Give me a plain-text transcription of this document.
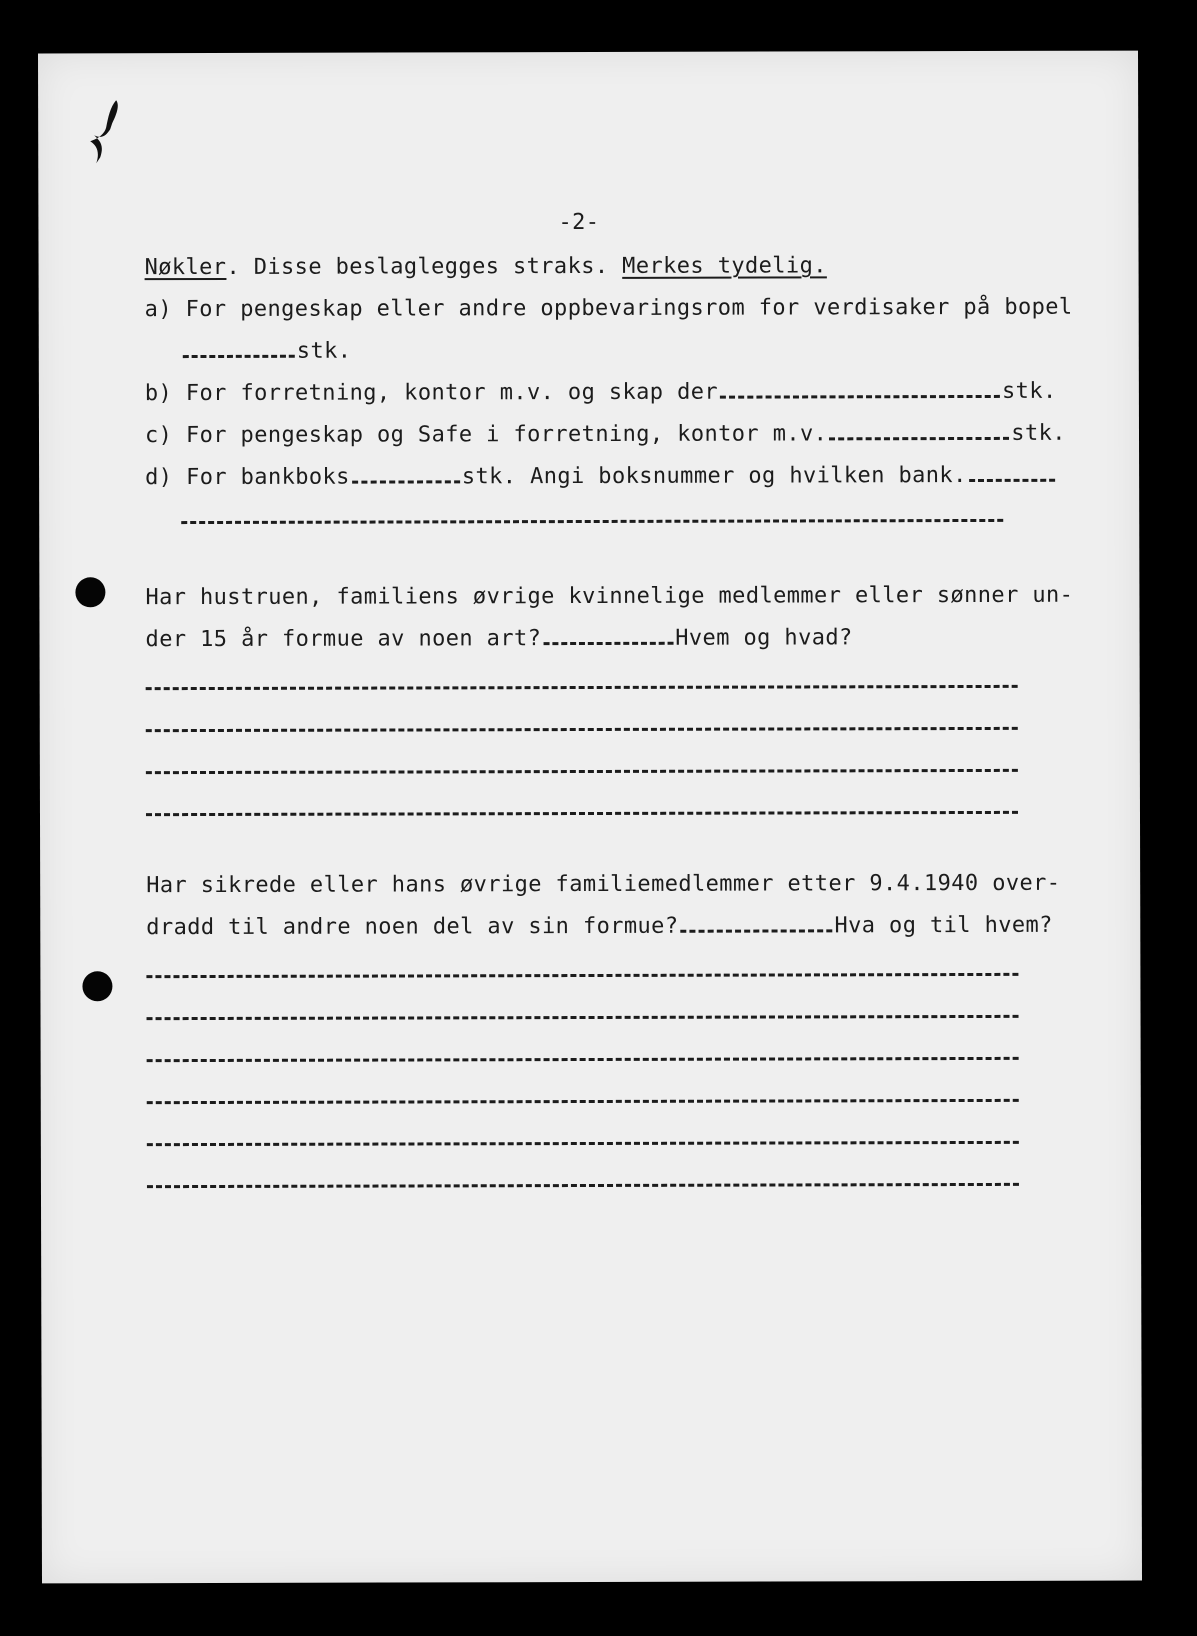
-2-
Nøkler. Disse beslaglegges straks. Merkes tydelig.
a) For pengeskap eller andre oppbevaringsrom for verdisaker på bopel
stk.
b) For forretning, kontor m.v. og skap der	stk.
c) For pengeskap og Safe i forretning, kontor m.v.	stk.
d) For bankboks	stk. Angi boksnummer og hvilken bank.
Har hustruen, familiens øvrige kvinnelige medlemmer eller sønner un-
der 15 år formue av noen art?	Hvem og hvad?
Har sikrede eller hans øvrige familiemedlemmer etter 9.4.1940 over-
dradd til andre noen del av sin formue?	Hva og til hvem?
